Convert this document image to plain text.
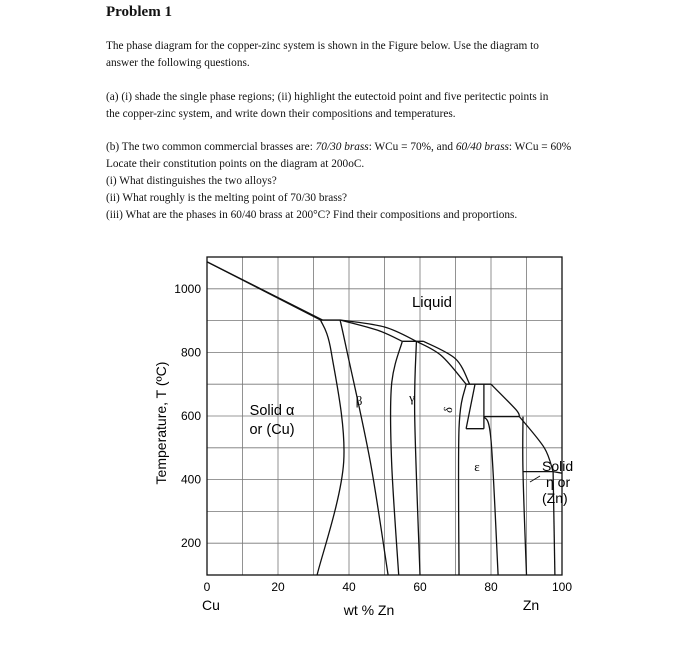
Problem 1

The phase diagram for the copper-zinc system is shown in the Figure below. Use the diagram to
answer the following questions.

(a) (i) shade the single phase regions; (ii) highlight the eutectoid point and five peritectic points in
the copper-zinc system, and write down their compositions and temperatures.

(b) The two common commercial brasses are: 70/30 brass: WCu = 70%, and 60/40 brass: WCu = 60%
Locate their constitution points on the diagram at 200oC.
(i) What distinguishes the two alloys?
(ii) What roughly is the melting point of 70/30 brass?
(iii) What are the phases in 60/40 brass at 200°C? Find their compositions and proportions.

200
400
600
800
1000
0	20	40	60	80	100
Temperature, T (ºC)
wt % Zn
Cu	Zn
Liquid
Solid α
or (Cu)
β	γ
δ
ε	Solid
η or
(Zn)
